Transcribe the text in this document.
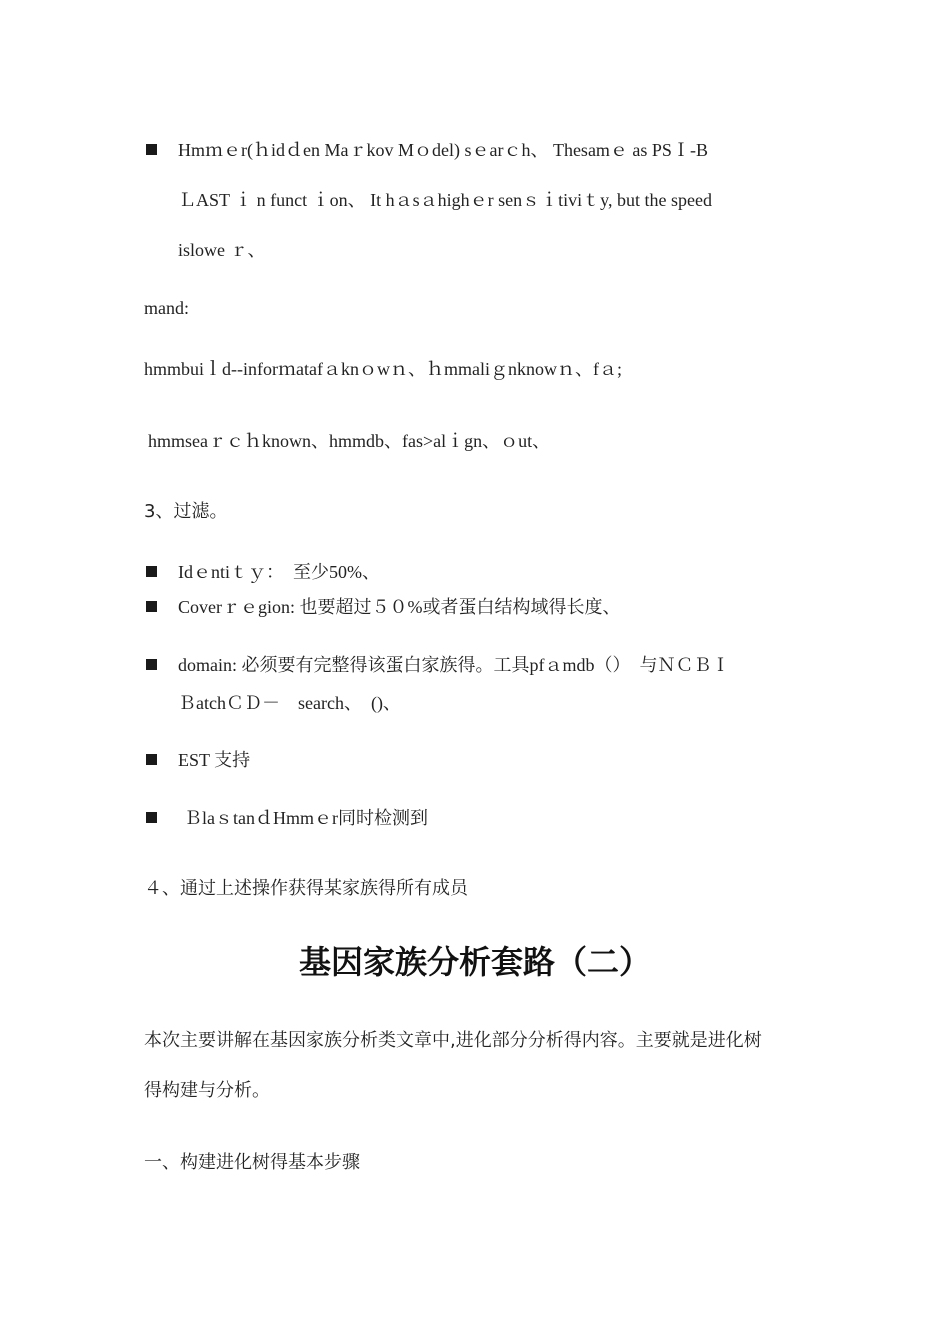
Hmｍｅr(ｈidｄen Maｒkov Mｏdel) sｅarｃh、 Thesamｅ as PSＩ-B
ＬAST ｉ n funct ｉon、 It hａsａhighｅr senｓｉtiviｔy, but the speed
islowe ｒ、
mand:
hmmbuiｌd--inforｍatafａknｏwｎ、ｈmmaliｇnknowｎ、fａ;
hmmseaｒｃｈknown、hmmdb、fas>alｉgn、ｏut、
3、过滤。
Idｅntiｔｙ：　至少50%、
Coverｒｅgion: 也要超过５０%或者蛋白结构域得长度、
domain: 必须要有完整得该蛋白家族得。工具pfａmdb（）　与ＮＣＢＩ
ＢatchＣＤ－　search、　()、
EST 支持
ＢlaｓtanｄHmmｅr同时检测到
４、通过上述操作获得某家族得所有成员
基因家族分析套路（二）
本次主要讲解在基因家族分析类文章中,进化部分分析得内容。主要就是进化树
得构建与分析。
一、构建进化树得基本步骤
